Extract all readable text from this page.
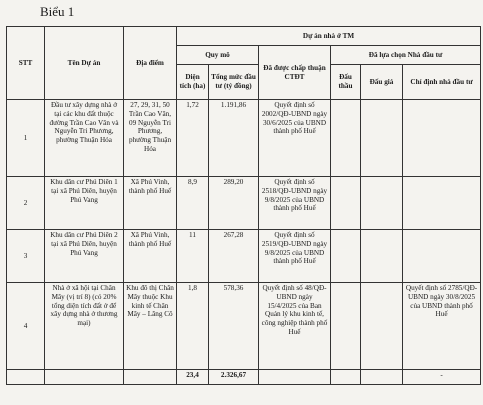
Biểu 1
STT	Tên Dự án	Địa điểm	Dự án nhà ở TM					
			Quy mô		Đã được chấp thuận CTĐT	Đã lựa chọn Nhà đầu tư		
			Diện tích (ha)	Tổng mức đầu tư (tỷ đồng)		Đấu thầu	Đấu giá	Chỉ định nhà đầu tư
1	Đầu tư xây dựng nhà ở tại các khu đất thuộc đường Trần Cao Vân và Nguyễn Tri Phương, phường Thuận Hóa	27, 29, 31, 50 Trần Cao Vân, 09 Nguyễn Tri Phương, phường Thuận Hóa	1,72	1.191,86	Quyết định số 2002/QĐ-UBND ngày 30/6/2025 của UBND thành phố Huế			
2	Khu dân cư Phú Diên 1 tại xã Phú Diên, huyện Phú Vang	Xã Phú Vinh, thành phố Huế	8,9	289,20	Quyết định số 2518/QĐ-UBND ngày 9/8/2025 của UBND thành phố Huế			
3	Khu dân cư Phú Diên 2 tại xã Phú Diên, huyện Phú Vang	Xã Phú Vinh, thành phố Huế	11	267,28	Quyết định số 2519/QĐ-UBND ngày 9/8/2025 của UBND thành phố Huế			
4	Nhà ở xã hội tại Chân Mây (vị trí 8) (có 20% tổng diện tích đất ở để xây dựng nhà ở thương mại)	Khu đô thị Chân Mây thuộc Khu kinh tế Chân Mây – Lăng Cô	1,8	578,36	Quyết định số 48/QĐ-UBND ngày 15/4/2025 của Ban Quản lý khu kinh tế, công nghiệp thành phố Huế			Quyết định số 2785/QĐ-UBND ngày 30/8/2025 của UBND thành phố Huế
			23,4	2.326,67				-
